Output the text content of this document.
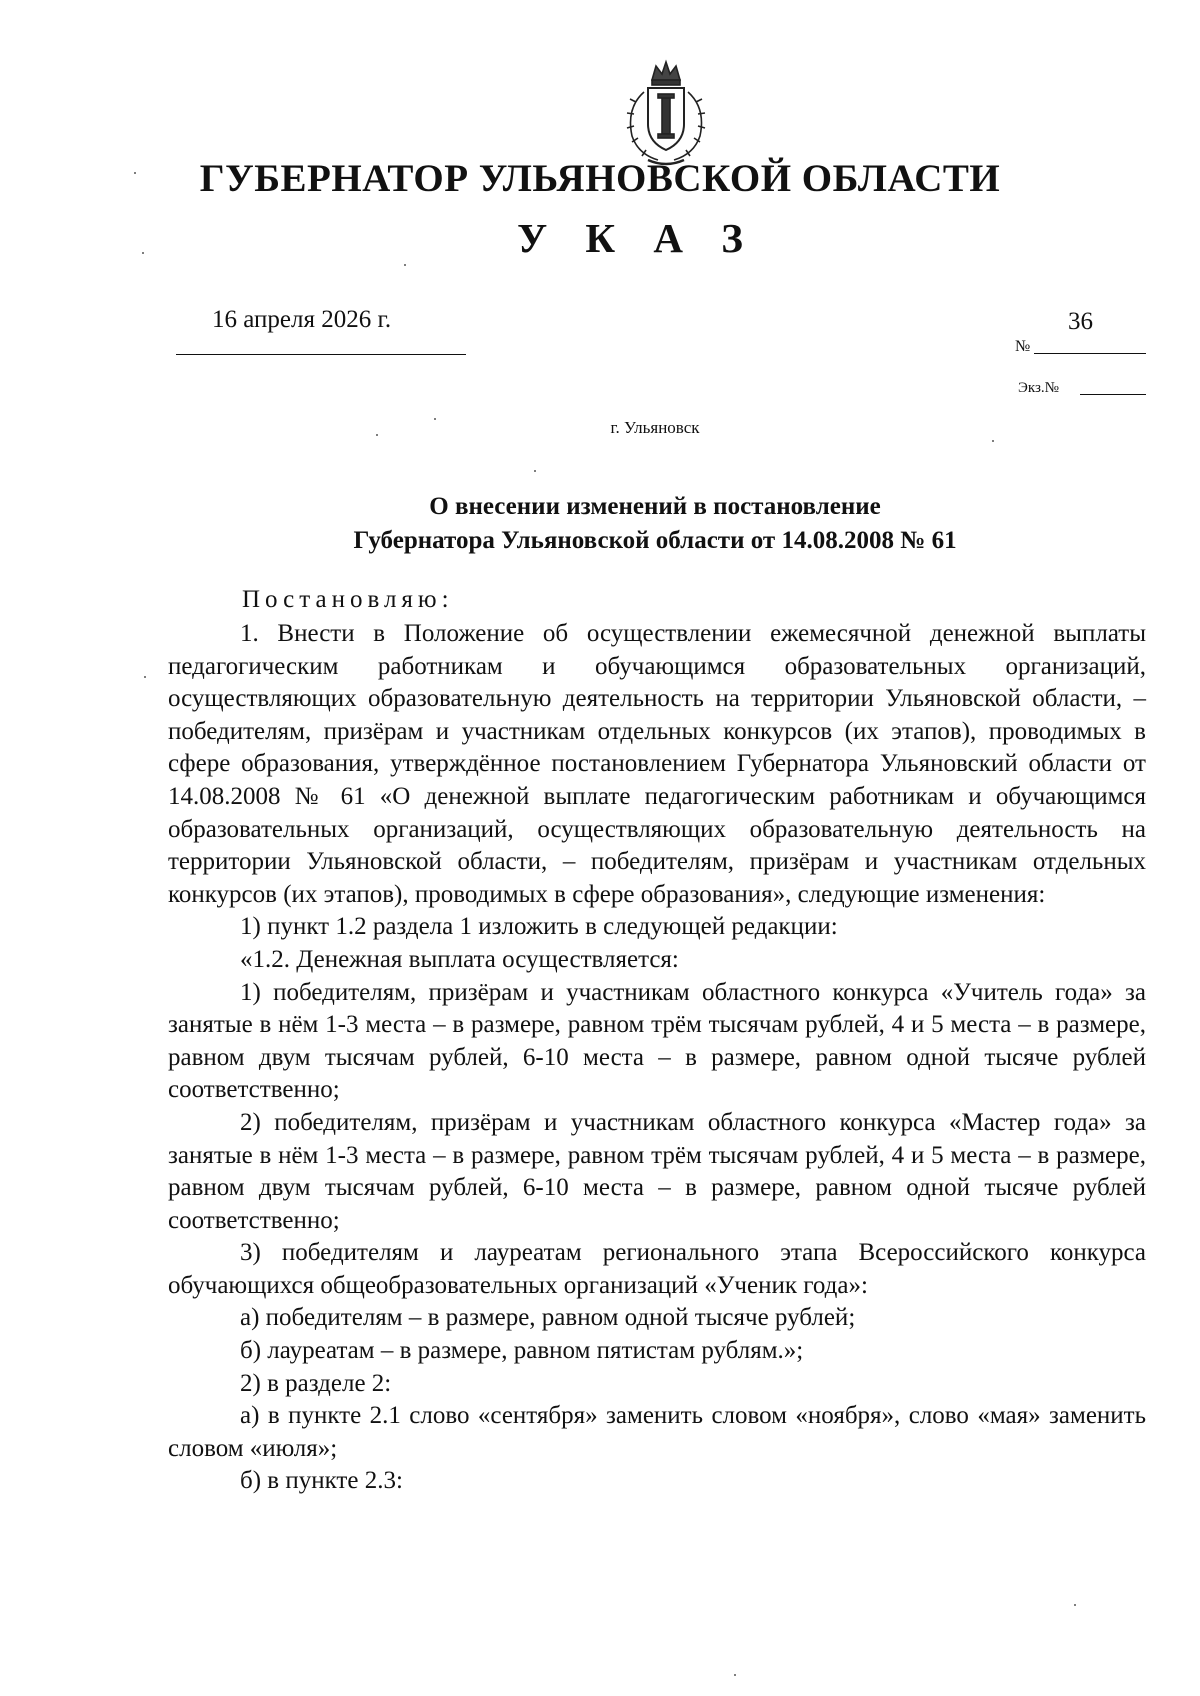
ГУБЕРНАТОР УЛЬЯНОВСКОЙ ОБЛАСТИ
У К А З
16 апреля 2026 г.
№
36
Экз.№
г. Ульяновск
О внесении изменений в постановление
Губернатора Ульяновской области от 14.08.2008 № 61
Постановляю:

1. Внести в Положение об осуществлении ежемесячной денежной выплаты педагогическим работникам и обучающимся образовательных организаций, осуществляющих образовательную деятельность на территории Ульяновской области, – победителям, призёрам и участникам отдельных конкурсов (их этапов), проводимых в сфере образования, утверждённое постановлением Губернатора Ульяновский области от 14.08.2008 № 61 «О денежной выплате педагогическим работникам и обучающимся образовательных организаций, осуществляющих образовательную деятельность на территории Ульяновской области, – победителям, призёрам и участникам отдельных конкурсов (их этапов), проводимых в сфере образования», следующие изменения:

1) пункт 1.2 раздела 1 изложить в следующей редакции:

«1.2. Денежная выплата осуществляется:

1) победителям, призёрам и участникам областного конкурса «Учитель года» за занятые в нём 1-3 места – в размере, равном трём тысячам рублей, 4 и 5 места – в размере, равном двум тысячам рублей, 6-10 места – в размере, равном одной тысяче рублей соответственно;

2) победителям, призёрам и участникам областного конкурса «Мастер года» за занятые в нём 1-3 места – в размере, равном трём тысячам рублей, 4 и 5 места – в размере, равном двум тысячам рублей, 6-10 места – в размере, равном одной тысяче рублей соответственно;

3) победителям и лауреатам регионального этапа Всероссийского конкурса обучающихся общеобразовательных организаций «Ученик года»:

а) победителям – в размере, равном одной тысяче рублей;

б) лауреатам – в размере, равном пятистам рублям.»;

2) в разделе 2:

а) в пункте 2.1 слово «сентября» заменить словом «ноября», слово «мая» заменить словом «июля»;

б) в пункте 2.3:
